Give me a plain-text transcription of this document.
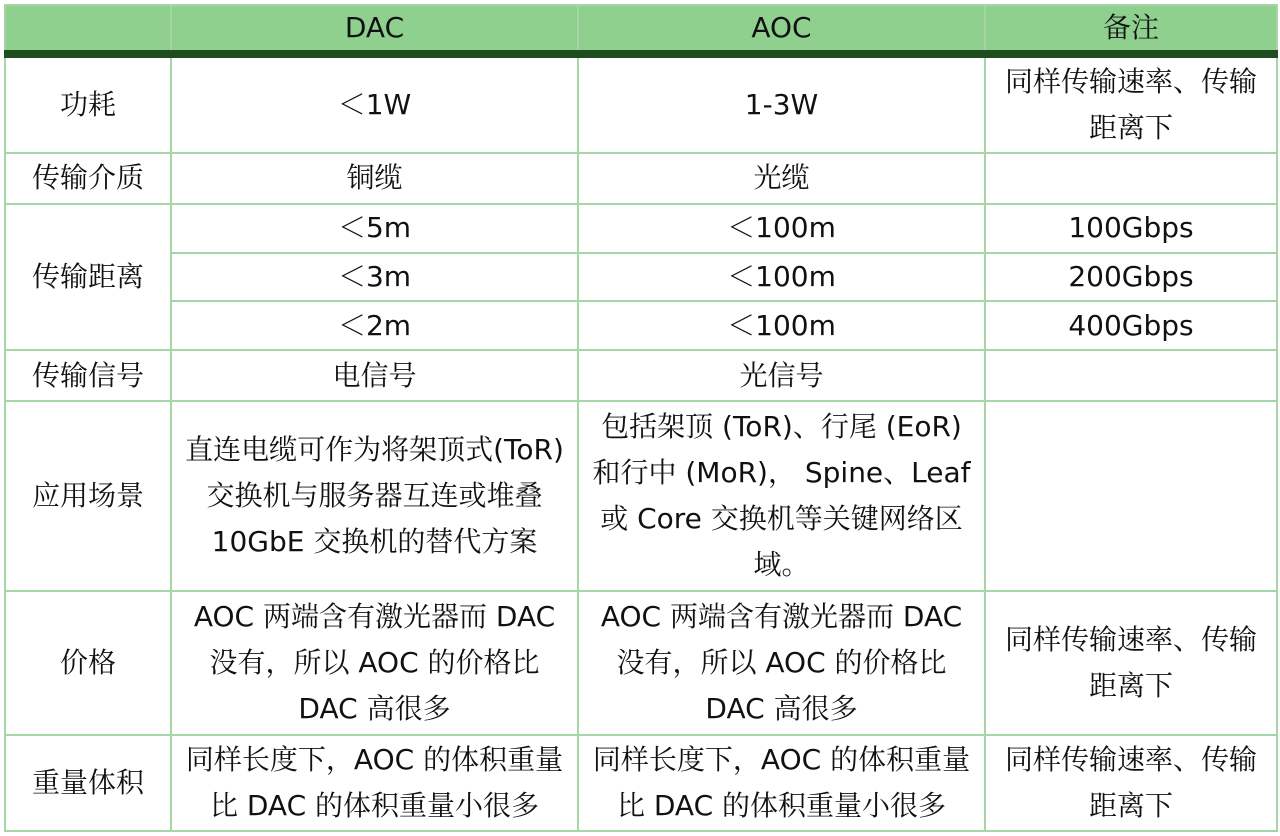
	DAC	AOC	备注
功耗	＜1W	1-3W	同样传输速率、传输距离下
传输介质	铜缆	光缆	
传输距离	＜5m	＜100m	100Gbps
	＜3m	＜100m	200Gbps
	＜2m	＜100m	400Gbps
传输信号	电信号	光信号	
应用场景	直连电缆可作为将架顶式(ToR) 交换机与服务器互连或堆叠 10GbE 交换机的替代方案	包括架顶 (ToR)、行尾 (EoR)和行中 (MoR)， Spine、Leaf或 Core 交换机等关键网络区域。	
价格	AOC 两端含有激光器而 DAC没有，所以 AOC 的价格比DAC 高很多	AOC 两端含有激光器而 DAC没有，所以 AOC 的价格比DAC 高很多	同样传输速率、传输距离下
重量体积	同样长度下，AOC 的体积重量比 DAC 的体积重量小很多	同样长度下，AOC 的体积重量比 DAC 的体积重量小很多	同样传输速率、传输距离下
